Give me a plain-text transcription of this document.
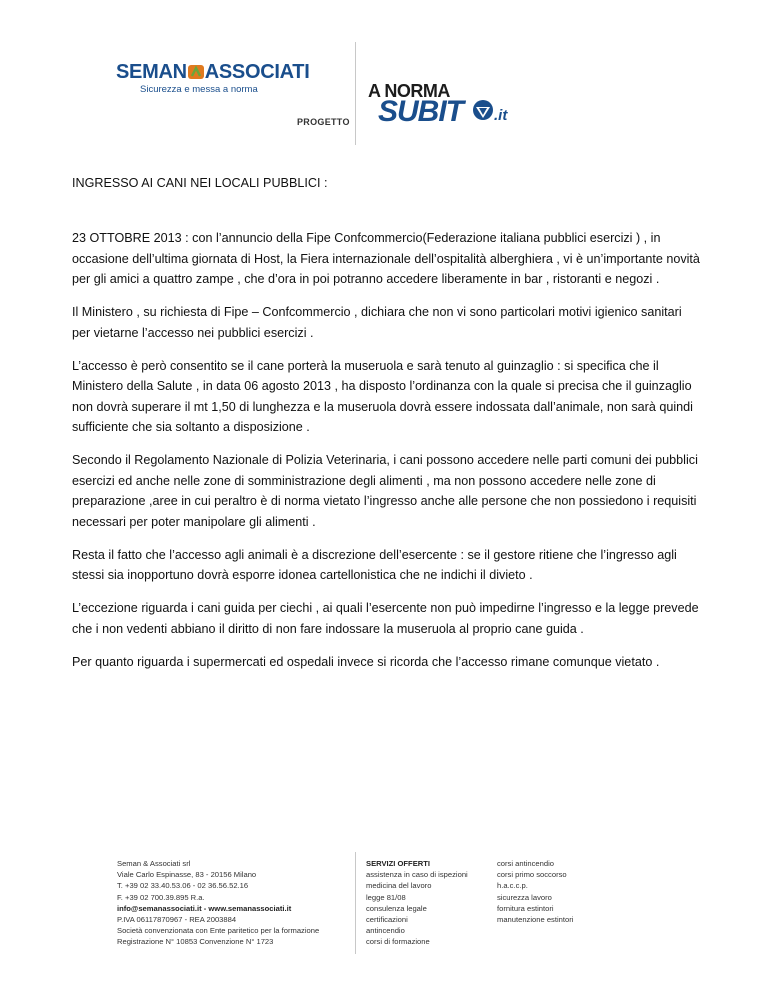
SEMAN ASSOCIATI
Sicurezza e messa a norma
PROGETTO
A NORMA
SUBIT .it
INGRESSO AI CANI NEI LOCALI PUBBLICI :

23 OTTOBRE 2013 : con l’annuncio della Fipe Confcommercio(Federazione italiana pubblici esercizi ) , in occasione dell’ultima giornata di Host, la Fiera internazionale dell’ospitalità alberghiera , vi è un’importante novità per gli amici a quattro zampe , che d’ora in poi potranno accedere liberamente in bar , ristoranti e negozi .

Il Ministero , su richiesta di Fipe – Confcommercio , dichiara che non vi sono particolari motivi igienico sanitari per vietarne l’accesso nei pubblici esercizi .

L’accesso è però consentito se il cane porterà la museruola e sarà tenuto al guinzaglio : si specifica che il Ministero della Salute , in data 06 agosto 2013 , ha disposto l’ordinanza con la quale si precisa che il guinzaglio non dovrà superare il mt 1,50 di lunghezza e la museruola dovrà essere indossata dall’animale, non sarà quindi sufficiente che sia soltanto a disposizione .

Secondo il Regolamento Nazionale di Polizia Veterinaria, i cani possono accedere nelle parti comuni dei pubblici esercizi ed anche nelle zone di somministrazione degli alimenti , ma non possono accedere nelle zone di preparazione ,aree in cui peraltro è di norma vietato l’ingresso anche alle persone che non possiedono i requisiti necessari per poter manipolare gli alimenti .

Resta il fatto che l’accesso agli animali è a discrezione dell’esercente : se il gestore ritiene che l’ingresso agli stessi sia inopportuno dovrà esporre idonea cartellonistica che ne indichi il divieto .

L’eccezione riguarda i cani guida per ciechi , ai quali l’esercente non può impedirne l’ingresso e la legge prevede che i non vedenti abbiano il diritto di non fare indossare la museruola al proprio cane guida .

Per quanto riguarda i supermercati ed ospedali invece si ricorda che l’accesso rimane comunque vietato .

Seman & Associati srl
Viale Carlo Espinasse, 83 - 20156 Milano
T. +39 02 33.40.53.06 - 02 36.56.52.16
F. +39 02 700.39.895 R.a.
info@semanassociati.it - www.semanassociati.it
P.IVA 06117870967 - REA 2003884
Società convenzionata con Ente paritetico per la formazione
Registrazione N° 10853 Convenzione N° 1723
SERVIZI OFFERTI
assistenza in caso di ispezioni
medicina del lavoro
legge 81/08
consulenza legale
certificazioni
antincendio
corsi di formazione
corsi antincendio
corsi primo soccorso
h.a.c.c.p.
sicurezza lavoro
fornitura estintori
manutenzione estintori
